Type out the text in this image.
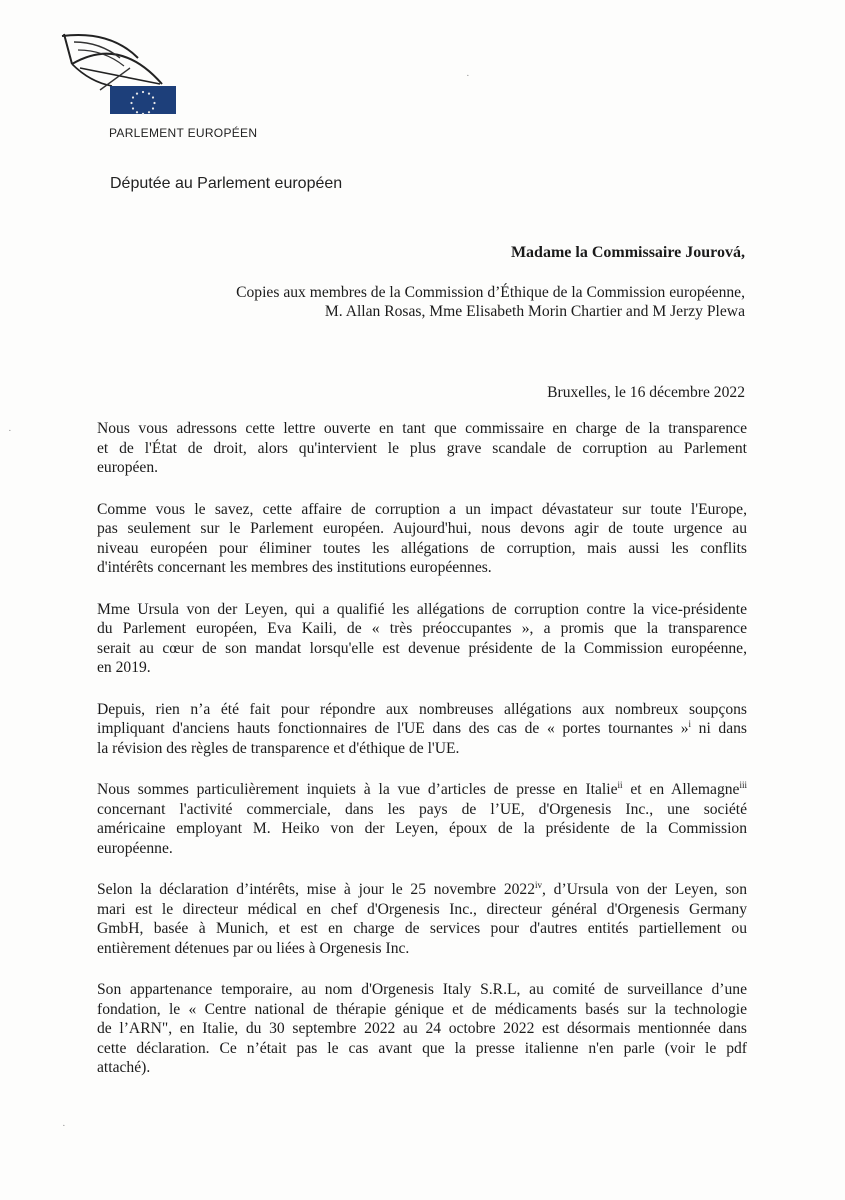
PARLEMENT EUROPÉEN
Députée au Parlement européen
Madame la Commissaire Jourová,
Copies aux membres de la Commission d’Éthique de la Commission européenne,
M. Allan Rosas, Mme Elisabeth Morin Chartier and M Jerzy Plewa
Bruxelles, le 16 décembre 2022

Nous vous adressons cette lettre ouverte en tant que commissaire en charge de la transparence
et de l'État de droit, alors qu'intervient le plus grave scandale de corruption au Parlement
européen.

Comme vous le savez, cette affaire de corruption a un impact dévastateur sur toute l'Europe,
pas seulement sur le Parlement européen. Aujourd'hui, nous devons agir de toute urgence au
niveau européen pour éliminer toutes les allégations de corruption, mais aussi les conflits
d'intérêts concernant les membres des institutions européennes.

Mme Ursula von der Leyen, qui a qualifié les allégations de corruption contre la vice-présidente
du Parlement européen, Eva Kaili, de « très préoccupantes », a promis que la transparence
serait au cœur de son mandat lorsqu'elle est devenue présidente de la Commission européenne,
en 2019.

Depuis, rien n’a été fait pour répondre aux nombreuses allégations aux nombreux soupçons
impliquant d'anciens hauts fonctionnaires de l'UE dans des cas de « portes tournantes »$^i$ ni dans
la révision des règles de transparence et d'éthique de l'UE.

Nous sommes particulièrement inquiets à la vue d’articles de presse en Italie$^{ii}$ et en Allemagne$^{iii}$
concernant l'activité commerciale, dans les pays de l’UE, d'Orgenesis Inc., une société
américaine employant M. Heiko von der Leyen, époux de la présidente de la Commission
européenne.

Selon la déclaration d’intérêts, mise à jour le 25 novembre 2022$^{iv}$, d’Ursula von der Leyen, son
mari est le directeur médical en chef d'Orgenesis Inc., directeur général d'Orgenesis Germany
GmbH, basée à Munich, et est en charge de services pour d'autres entités partiellement ou
entièrement détenues par ou liées à Orgenesis Inc.

Son appartenance temporaire, au nom d'Orgenesis Italy S.R.L, au comité de surveillance d’une
fondation, le « Centre national de thérapie génique et de médicaments basés sur la technologie
de l’ARN", en Italie, du 30 septembre 2022 au 24 octobre 2022 est désormais mentionnée dans
cette déclaration. Ce n’était pas le cas avant que la presse italienne n'en parle (voir le pdf
attaché).

·
·
·
